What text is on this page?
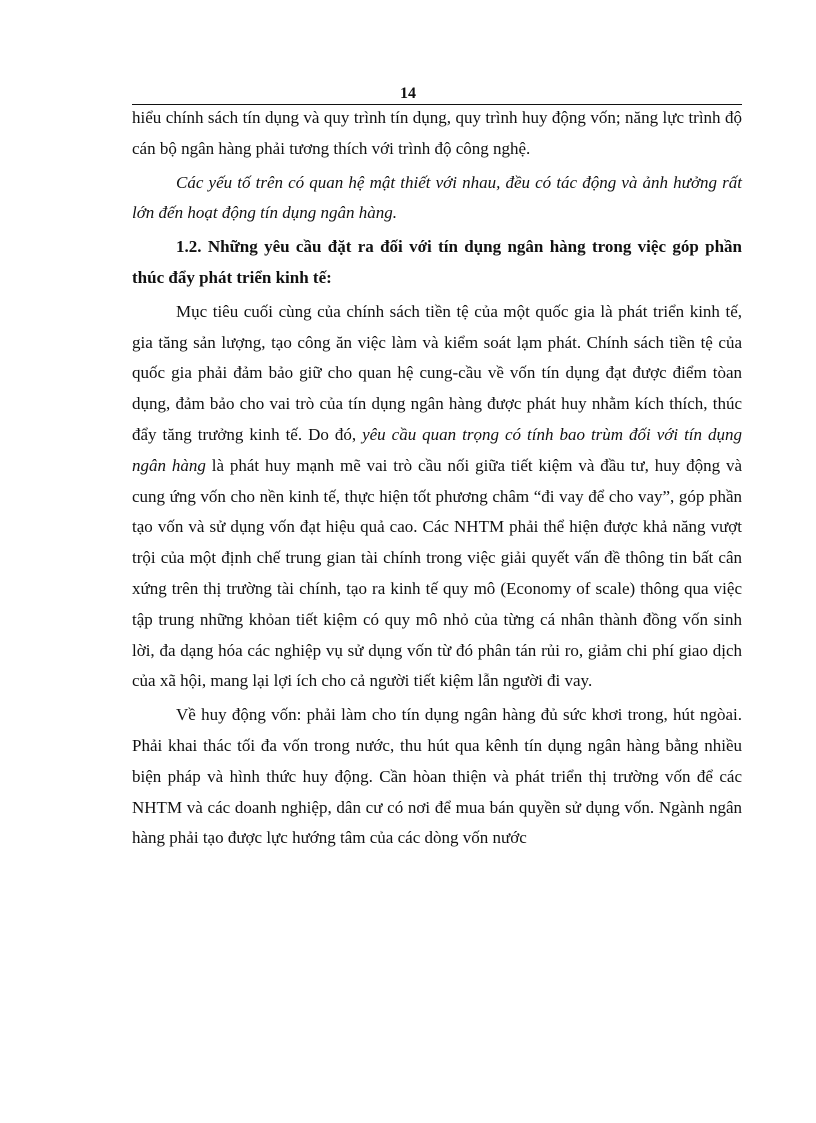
14

hiểu chính sách tín dụng và quy trình tín dụng, quy trình huy động vốn; năng lực trình độ cán bộ ngân hàng phải tương thích với trình độ công nghệ.

Các yếu tố trên có quan hệ mật thiết với nhau, đều có tác động và ảnh hưởng rất lớn đến hoạt động tín dụng ngân hàng.

1.2. Những yêu cầu đặt ra đối với tín dụng ngân hàng trong việc góp phần thúc đẩy phát triển kinh tế:

Mục tiêu cuối cùng của chính sách tiền tệ của một quốc gia là phát triển kinh tế, gia tăng sản lượng, tạo công ăn việc làm và kiểm soát lạm phát. Chính sách tiền tệ của quốc gia phải đảm bảo giữ cho quan hệ cung-cầu về vốn tín dụng đạt được điểm tòan dụng, đảm bảo cho vai trò của tín dụng ngân hàng được phát huy nhằm kích thích, thúc đẩy tăng trưởng kinh tế. Do đó, yêu cầu quan trọng có tính bao trùm đối với tín dụng ngân hàng là phát huy mạnh mẽ vai trò cầu nối giữa tiết kiệm và đầu tư, huy động và cung ứng vốn cho nền kinh tế, thực hiện tốt phương châm “đi vay để cho vay”, góp phần tạo vốn và sử dụng vốn đạt hiệu quả cao. Các NHTM phải thể hiện được khả năng vượt trội của một định chế trung gian tài chính trong việc giải quyết vấn đề thông tin bất cân xứng trên thị trường tài chính, tạo ra kinh tế quy mô (Economy of scale) thông qua việc tập trung những khỏan tiết kiệm có quy mô nhỏ của từng cá nhân thành đồng vốn sinh lời, đa dạng hóa các nghiệp vụ sử dụng vốn từ đó phân tán rủi ro, giảm chi phí giao dịch của xã hội, mang lại lợi ích cho cả người tiết kiệm lẫn người đi vay.

Về huy động vốn: phải làm cho tín dụng ngân hàng đủ sức khơi trong, hút ngòai. Phải khai thác tối đa vốn trong nước, thu hút qua kênh tín dụng ngân hàng bằng nhiều biện pháp và hình thức huy động. Cần hòan thiện và phát triển thị trường vốn để các NHTM và các doanh nghiệp, dân cư có nơi để mua bán quyền sử dụng vốn. Ngành ngân hàng phải tạo được lực hướng tâm của các dòng vốn nước
